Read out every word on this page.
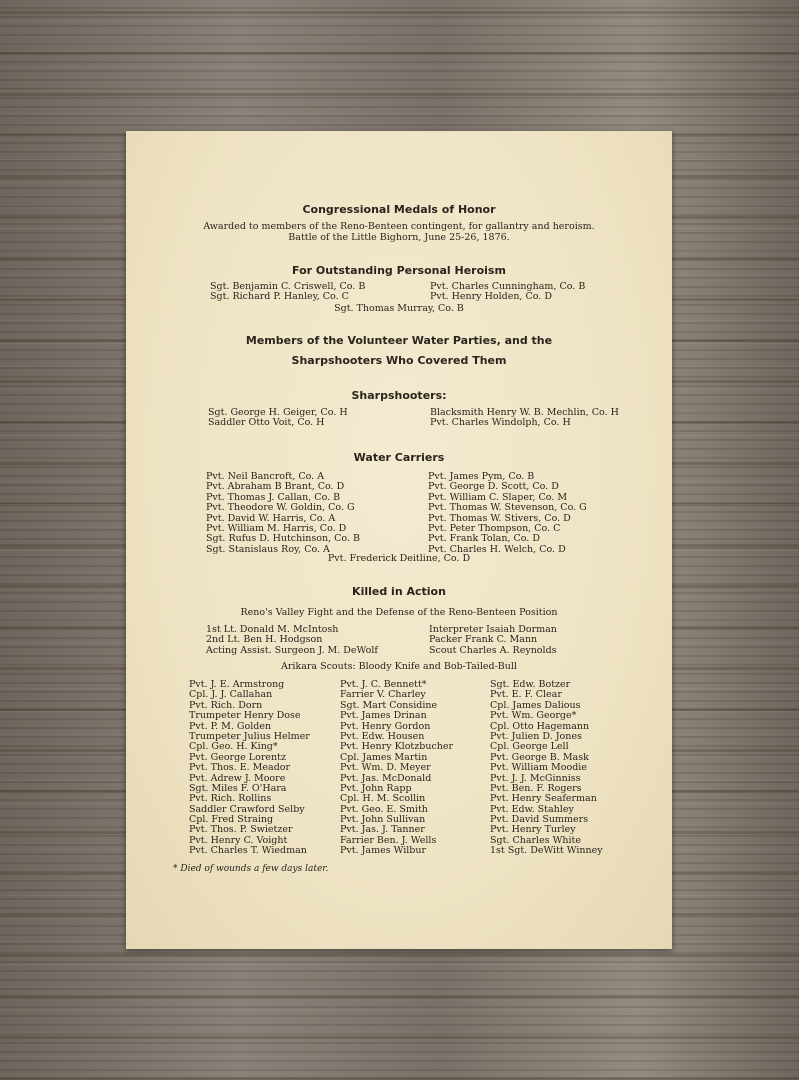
Congressional Medals of Honor
Awarded to members of the Reno-Benteen contingent, for gallantry and heroism.
Battle of the Little Bighorn, June 25-26, 1876.
For Outstanding Personal Heroism
Sgt. Benjamin C. Criswell, Co. B
Sgt. Richard P. Hanley, Co. C
Pvt. Charles Cunningham, Co. B
Pvt. Henry Holden, Co. D
Sgt. Thomas Murray, Co. B
Members of the Volunteer Water Parties, and the
Sharpshooters Who Covered Them
Sharpshooters:
Sgt. George H. Geiger, Co. H
Saddler Otto Voit, Co. H
Blacksmith Henry W. B. Mechlin, Co. H
Pvt. Charles Windolph, Co. H
Water Carriers
Pvt. Neil Bancroft, Co. A
Pvt. Abraham B Brant, Co. D
Pvt. Thomas J. Callan, Co. B
Pvt. Theodore W. Goldin, Co. G
Pvt. David W. Harris, Co. A
Pvt. William M. Harris, Co. D
Sgt. Rufus D. Hutchinson, Co. B
Sgt. Stanislaus Roy, Co. A
Pvt. James Pym, Co. B
Pvt. George D. Scott, Co. D
Pvt. William C. Slaper, Co. M
Pvt. Thomas W. Stevenson, Co. G
Pvt. Thomas W. Stivers, Co. D
Pvt. Peter Thompson, Co. C
Pvt. Frank Tolan, Co. D
Pvt. Charles H. Welch, Co. D
Pvt. Frederick Deitline, Co. D
Killed in Action
Reno's Valley Fight and the Defense of the Reno-Benteen Position
1st Lt. Donald M. McIntosh
2nd Lt. Ben H. Hodgson
Acting Assist. Surgeon J. M. DeWolf
Interpreter Isaiah Dorman
Packer Frank C. Mann
Scout Charles A. Reynolds
Arikara Scouts: Bloody Knife and Bob-Tailed-Bull
Pvt. J. E. Armstrong
Cpl. J. J. Callahan
Pvt. Rich. Dorn
Trumpeter Henry Dose
Pvt. P. M. Golden
Trumpeter Julius Helmer
Cpl. Geo. H. King*
Pvt. George Lorentz
Pvt. Thos. E. Meador
Pvt. Adrew J. Moore
Sgt. Miles F. O'Hara
Pvt. Rich. Rollins
Saddler Crawford Selby
Cpl. Fred Straing
Pvt. Thos. P. Swietzer
Pvt. Henry C. Voight
Pvt. Charles T. Wiedman
Pvt. J. C. Bennett*
Farrier V. Charley
Sgt. Mart Considine
Pvt. James Drinan
Pvt. Henry Gordon
Pvt. Edw. Housen
Pvt. Henry Klotzbucher
Cpl. James Martin
Pvt. Wm. D. Meyer
Pvt. Jas. McDonald
Pvt. John Rapp
Cpl. H. M. Scollin
Pvt. Geo. E. Smith
Pvt. John Sullivan
Pvt. Jas. J. Tanner
Farrier Ben. J. Wells
Pvt. James Wilbur
Sgt. Edw. Botzer
Pvt. E. F. Clear
Cpl. James Dalious
Pvt. Wm. George*
Cpl. Otto Hagemann
Pvt. Julien D. Jones
Cpl. George Lell
Pvt. George B. Mask
Pvt. William Moodie
Pvt. J. J. McGinniss
Pvt. Ben. F. Rogers
Pvt. Henry Seaferman
Pvt. Edw. Stahley
Pvt. David Summers
Pvt. Henry Turley
Sgt. Charles White
1st Sgt. DeWitt Winney
* Died of wounds a few days later.
